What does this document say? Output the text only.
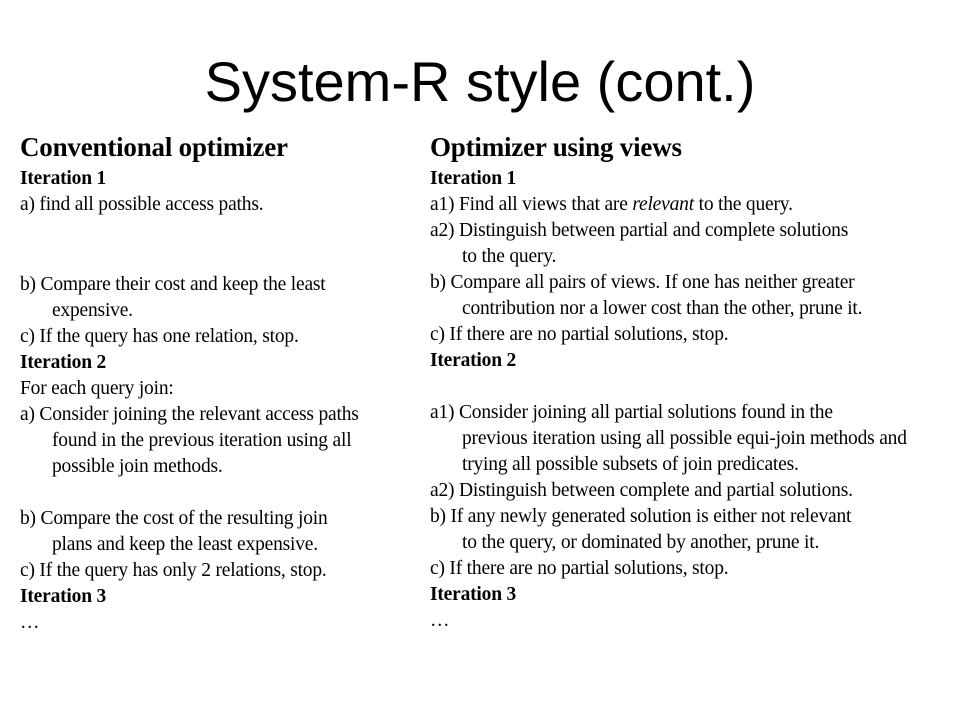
System-R style (cont.)
Conventional optimizer
Iteration 1
a) find all possible access paths.
b) Compare their cost and keep the least
expensive.
c) If the query has one relation, stop.
Iteration 2
For each query join:
a) Consider joining the relevant access paths
found in the previous iteration using all
possible join methods.
b) Compare the cost of the resulting join
plans and keep the least expensive.
c) If the query has only 2 relations, stop.
Iteration 3
…
Optimizer using views
Iteration 1
a1) Find all views that are relevant to the query.
a2) Distinguish between partial and complete solutions
to the query.
b) Compare all pairs of views. If one has neither greater
contribution nor a lower cost than the other, prune it.
c) If there are no partial solutions, stop.
Iteration 2
a1) Consider joining all partial solutions found in the
previous iteration using all possible equi-join methods and
trying all possible subsets of join predicates.
a2) Distinguish between complete and partial solutions.
b) If any newly generated solution is either not relevant
to the query, or dominated by another, prune it.
c) If there are no partial solutions, stop.
Iteration 3
…
